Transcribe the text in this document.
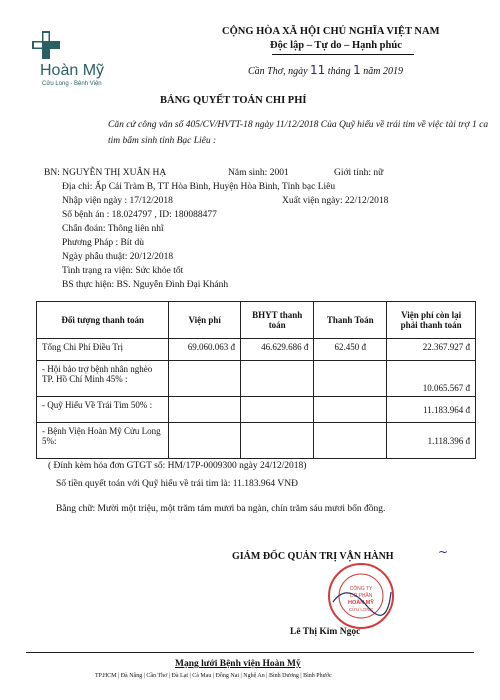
Hoàn Mỹ
Cửu Long - Bệnh Viện
CỘNG HÒA XÃ HỘI CHỦ NGHĨA VIỆT NAM
Độc lập – Tự do – Hạnh phúc
Cần Thơ, ngày 11 tháng 1 năm 2019
BẢNG QUYẾT TOÁN CHI PHÍ
Căn cứ công văn số 405/CV/HVTT-18 ngày 11/12/2018 Của Quỹ hiểu về trái tim về việc tài trợ 1 ca tim bẩm sinh tỉnh Bạc Liêu :
BN: NGUYỄN THỊ XUÂN HẠ	Năm sinh: 2001	Giới tính: nữ
Địa chỉ: Ấp Cái Tràm B, TT Hòa Bình, Huyện Hòa Bình, Tỉnh bạc Liêu
Nhập viện ngày : 17/12/2018	Xuất viện ngày: 22/12/2018
Số bệnh án : 18.024797 , ID: 180088477
Chẩn đoán: Thông liên nhĩ
Phương Pháp : Bít dù
Ngày phẫu thuật: 20/12/2018
Tình trạng ra viện: Sức khỏe tốt
BS thực hiện: BS. Nguyễn Đình Đại Khánh
Đối tượng thanh toán	Viện phí	BHYT thanh toán	Thanh Toán	Viện phí còn lại phải thanh toán
Tổng Chi Phí Điều Trị	69.060.063 đ	46.629.686 đ	62.450 đ	22.367.927 đ
- Hội bảo trợ bệnh nhân nghèo TP. Hồ Chí Minh 45% :				10.065.567 đ
- Quỹ Hiểu Về Trái Tim 50% :				11.183.964 đ
- Bệnh Viện Hoàn Mỹ Cửu Long 5%:				1.118.396 đ
( Đính kèm hóa đơn GTGT số: HM/17P-0009300 ngày 24/12/2018)
Số tiền quyết toán với Quỹ hiểu về trái tim là: 11.183.964 VNĐ
Bằng chữ: Mười một triệu, một trăm tám mươi ba ngàn, chín trăm sáu mươi bốn đồng.
GIÁM ĐỐC QUẢN TRỊ VẬN HÀNH	~
CÔNG TY
CỔ PHẦN
HOÀN MỸ
CỬU LONG
Lê Thị Kim Ngọc
Mạng lưới Bệnh viện Hoàn Mỹ
TP.HCM | Đà Nẵng | Cần Thơ | Đà Lạt | Cà Mau | Đồng Nai | Nghệ An | Bình Dương | Bình Phước
